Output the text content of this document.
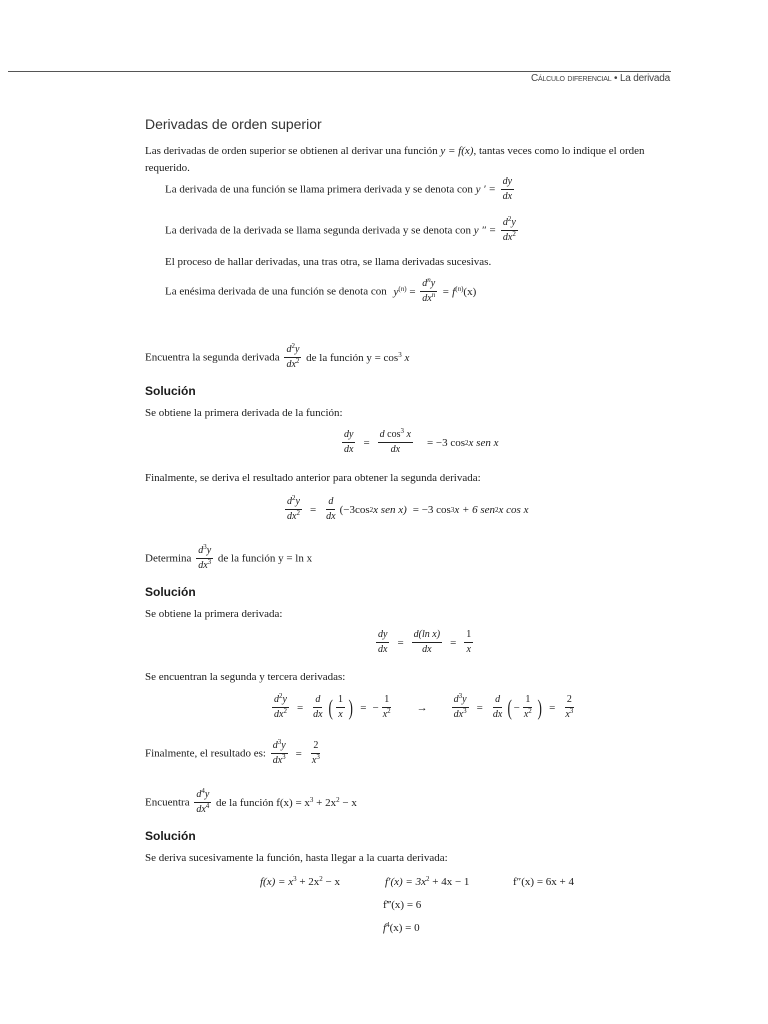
Cálculo diferencial • La derivada
Derivadas de orden superior
Las derivadas de orden superior se obtienen al derivar una función y = f(x), tantas veces como lo indique el orden
requerido.
La derivada de una función se llama primera derivada y se denota con y ′ = $\frac{dy}{dx}$
La derivada de la derivada se llama segunda derivada y se denota con y ″ = $\frac{d^2y}{dx^2}$
El proceso de hallar derivadas, una tras otra, se llama derivadas sucesivas.
La enésima derivada de una función se denota con $y^{(n)} = \frac{d^ny}{dx^n} = f^{(n)}(x)$
Encuentra la segunda derivada $\frac{d^2y}{dx^2}$ de la función $y = \cos^3 x$
Solución
Se obtiene la primera derivada de la función:
$\frac{dy}{dx} = \frac{d \cos^3 x}{dx} = -3$ cos 2 x sen x
Finalmente, se deriva el resultado anterior para obtener la segunda derivada:
$\frac{d^2y}{dx^2} = \frac{d}{dx} (-3\cos$ 2 x sen x) = −3 cos 3 x + 6 sen 2 x cos x
Determina $\frac{d^3y}{dx^3}$ de la función y = ln x
Solución
Se obtiene la primera derivada:
$\frac{dy}{dx} = \frac{\text{d(ln x)}}{dx} = \frac{1}{x}$
Se encuentran la segunda y tercera derivadas:
$\frac{d^2y}{dx^2} = \frac{d}{dx}$ ( $\frac{1}{x}$ ) = − $\frac{1}{x^2} \to \frac{d^3y}{dx^3} = \frac{d}{dx}$ ( − $\frac{1}{x^2}$ ) = $\frac{2}{x^3}$
Finalmente, el resultado es: $\frac{d^3y}{dx^3} = \frac{2}{x^3}$
Encuentra $\frac{d^4y}{dx^4}$ de la función $f(x) = x^3 + 2x^2 - x$
Solución
Se deriva sucesivamente la función, hasta llegar a la cuarta derivada:
$f(x) = x^3 + 2x^2 - x$	$f'(x) = 3x^2 + 4x - 1$	f″(x) = 6x + 4
f‴(x) = 6
$f^4(x) = 0$
